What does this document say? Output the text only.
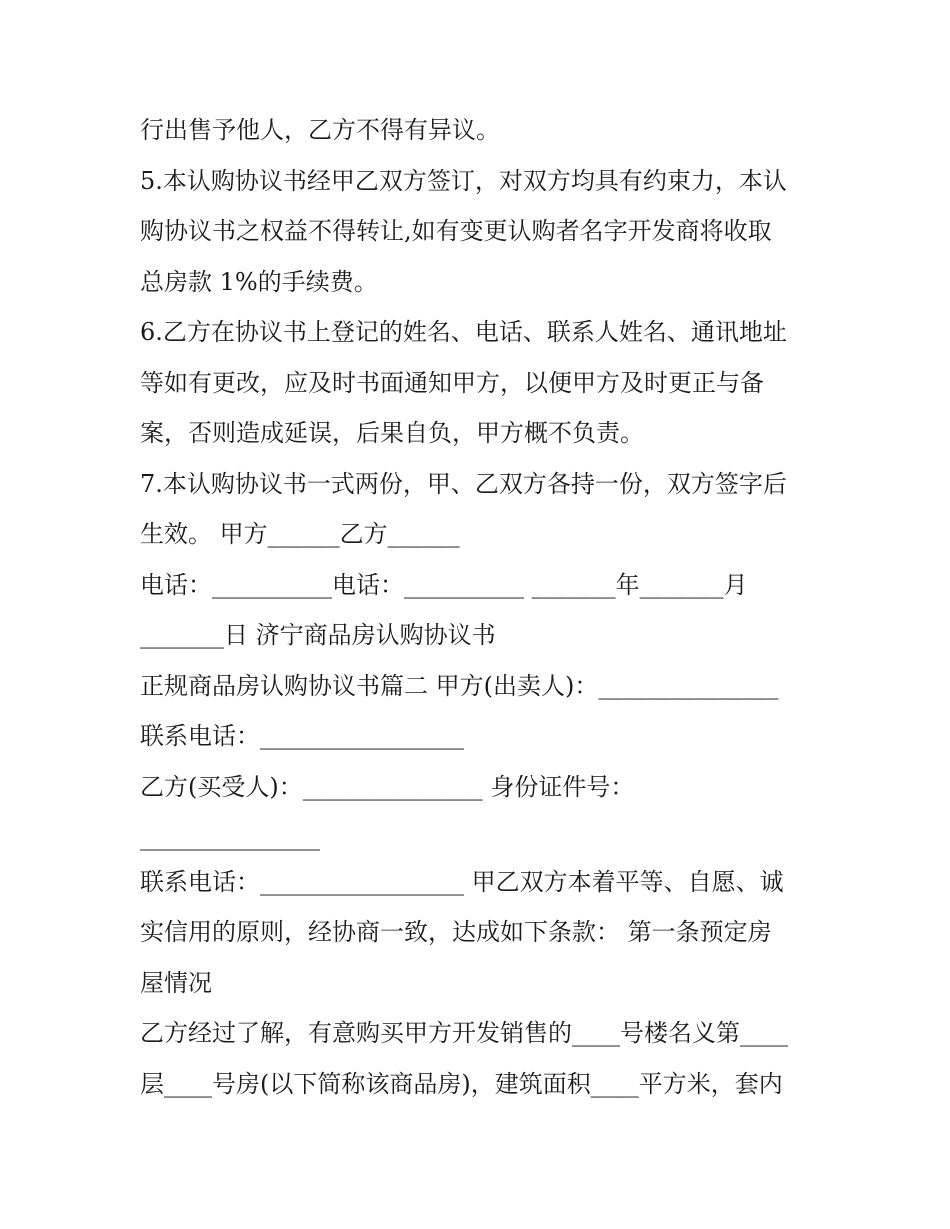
行出售予他人，乙方不得有异议。
5.本认购协议书经甲乙双方签订，对双方均具有约束力，本认
购协议书之权益不得转让,如有变更认购者名字开发商将收取
总房款 1%的手续费。
6.乙方在协议书上登记的姓名、电话、联系人姓名、通讯地址
等如有更改，应及时书面通知甲方，以便甲方及时更正与备
案，否则造成延误，后果自负，甲方概不负责。
7.本认购协议书一式两份，甲、乙双方各持一份，双方签字后
生效。 甲方______乙方______
电话：__________电话：__________ _______年_______月
_______日 济宁商品房认购协议书
正规商品房认购协议书篇二 甲方(出卖人)：_______________
联系电话：_________________
乙方(买受人)：_______________ 身份证件号：
_______________
联系电话：_________________ 甲乙双方本着平等、自愿、诚
实信用的原则，经协商一致，达成如下条款： 第一条预定房
屋情况
乙方经过了解，有意购买甲方开发销售的____号楼名义第____
层____号房(以下简称该商品房)，建筑面积____平方米，套内
